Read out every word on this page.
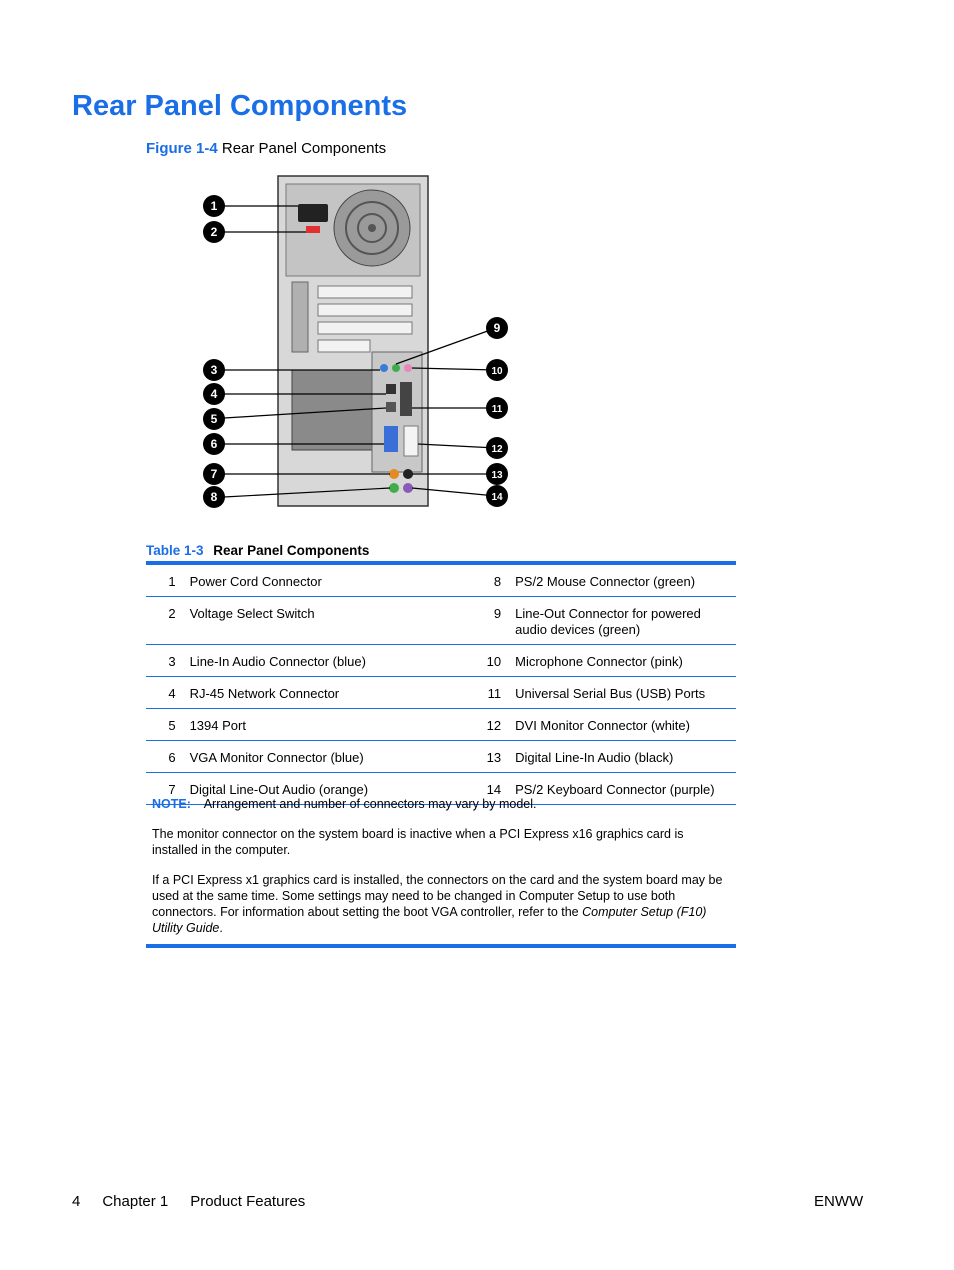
Rear Panel Components
Figure 1-4 Rear Panel Components
1
2
3
4
5
6
7
8
9
10
11
12
13
14
Table 1-3 Rear Panel Components
1	Power Cord Connector	8	PS/2 Mouse Connector (green)
2	Voltage Select Switch	9	Line-Out Connector for powered audio devices (green)
3	Line-In Audio Connector (blue)	10	Microphone Connector (pink)
4	RJ-45 Network Connector	11	Universal Serial Bus (USB) Ports
5	1394 Port	12	DVI Monitor Connector (white)
6	VGA Monitor Connector (blue)	13	Digital Line-In Audio (black)
7	Digital Line-Out Audio (orange)	14	PS/2 Keyboard Connector (purple)
NOTE: Arrangement and number of connectors may vary by model.
The monitor connector on the system board is inactive when a PCI Express x16 graphics card is installed in the computer.
If a PCI Express x1 graphics card is installed, the connectors on the card and the system board may be used at the same time. Some settings may need to be changed in Computer Setup to use both connectors. For information about setting the boot VGA controller, refer to the Computer Setup (F10) Utility Guide.
4 Chapter 1 Product Features	ENWW
